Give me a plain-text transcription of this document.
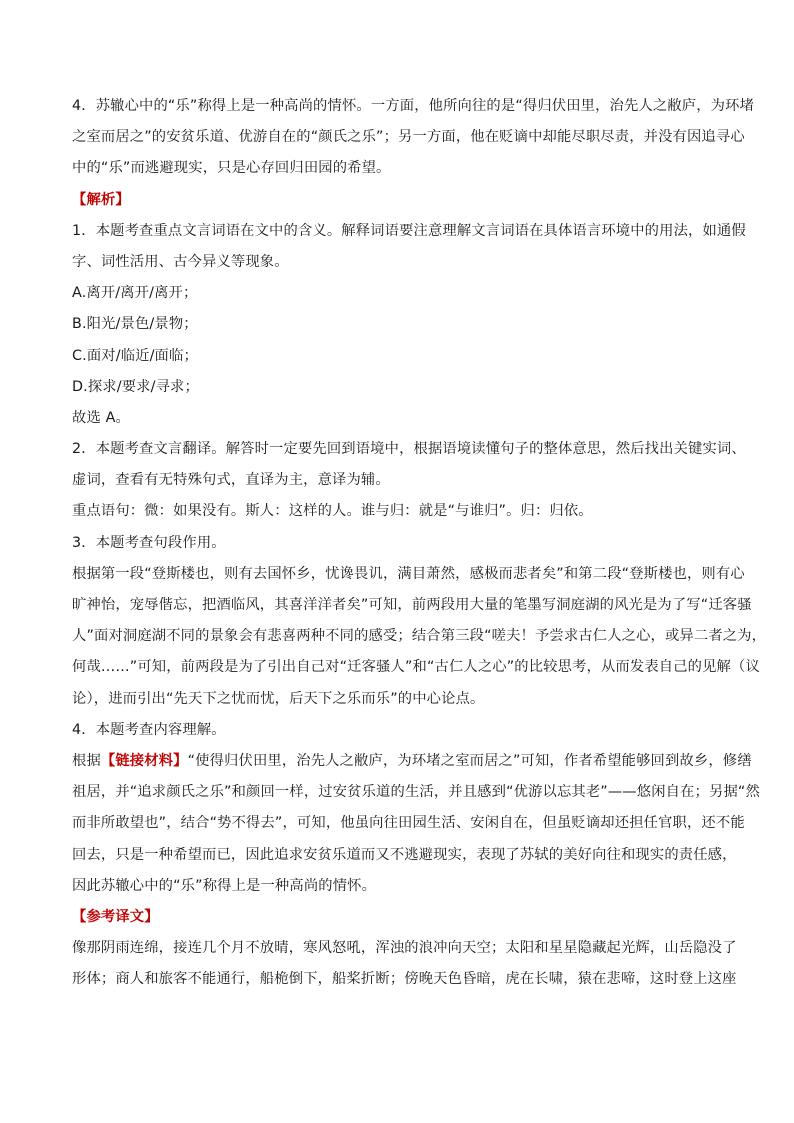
4．苏辙心中的“乐”称得上是一种高尚的情怀。一方面，他所向往的是“得归伏田里，治先人之敝庐，为环堵
之室而居之”的安贫乐道、优游自在的“颜氏之乐”；另一方面，他在贬谪中却能尽职尽责，并没有因追寻心
中的“乐”而逃避现实，只是心存回归田园的希望。
【解析】
1．本题考查重点文言词语在文中的含义。解释词语要注意理解文言词语在具体语言环境中的用法，如通假
字、词性活用、古今异义等现象。
A.离开/离开/离开；
B.阳光/景色/景物；
C.面对/临近/面临；
D.探求/要求/寻求；
故选 A。
2．本题考查文言翻译。解答时一定要先回到语境中，根据语境读懂句子的整体意思，然后找出关键实词、
虚词，查看有无特殊句式，直译为主，意译为辅。
重点语句：微：如果没有。斯人：这样的人。谁与归：就是“与谁归”。归：归依。
3．本题考查句段作用。
根据第一段“登斯楼也，则有去国怀乡，忧谗畏讥，满目萧然，感极而悲者矣”和第二段“登斯楼也，则有心
旷神怡，宠辱偕忘，把酒临风，其喜洋洋者矣”可知，前两段用大量的笔墨写洞庭湖的风光是为了写“迁客骚
人”面对洞庭湖不同的景象会有悲喜两种不同的感受；结合第三段“嗟夫！予尝求古仁人之心，或异二者之为，
何哉……”可知，前两段是为了引出自己对“迁客骚人”和“古仁人之心”的比较思考，从而发表自己的见解（议
论），进而引出“先天下之忧而忧，后天下之乐而乐”的中心论点。
4．本题考查内容理解。
根据【链接材料】“使得归伏田里，治先人之敝庐，为环堵之室而居之”可知，作者希望能够回到故乡，修缮
祖居，并“追求颜氏之乐”和颜回一样，过安贫乐道的生活，并且感到“优游以忘其老”——悠闲自在；另据“然
而非所敢望也”，结合“势不得去”，可知，他虽向往田园生活、安闲自在，但虽贬谪却还担任官职，还不能
回去，只是一种希望而已，因此追求安贫乐道而又不逃避现实，表现了苏轼的美好向往和现实的责任感，
因此苏辙心中的“乐”称得上是一种高尚的情怀。
【参考译文】
像那阴雨连绵，接连几个月不放晴，寒风怒吼，浑浊的浪冲向天空；太阳和星星隐藏起光辉，山岳隐没了
形体；商人和旅客不能通行，船桅倒下，船桨折断；傍晚天色昏暗，虎在长啸，猿在悲啼，这时登上这座
